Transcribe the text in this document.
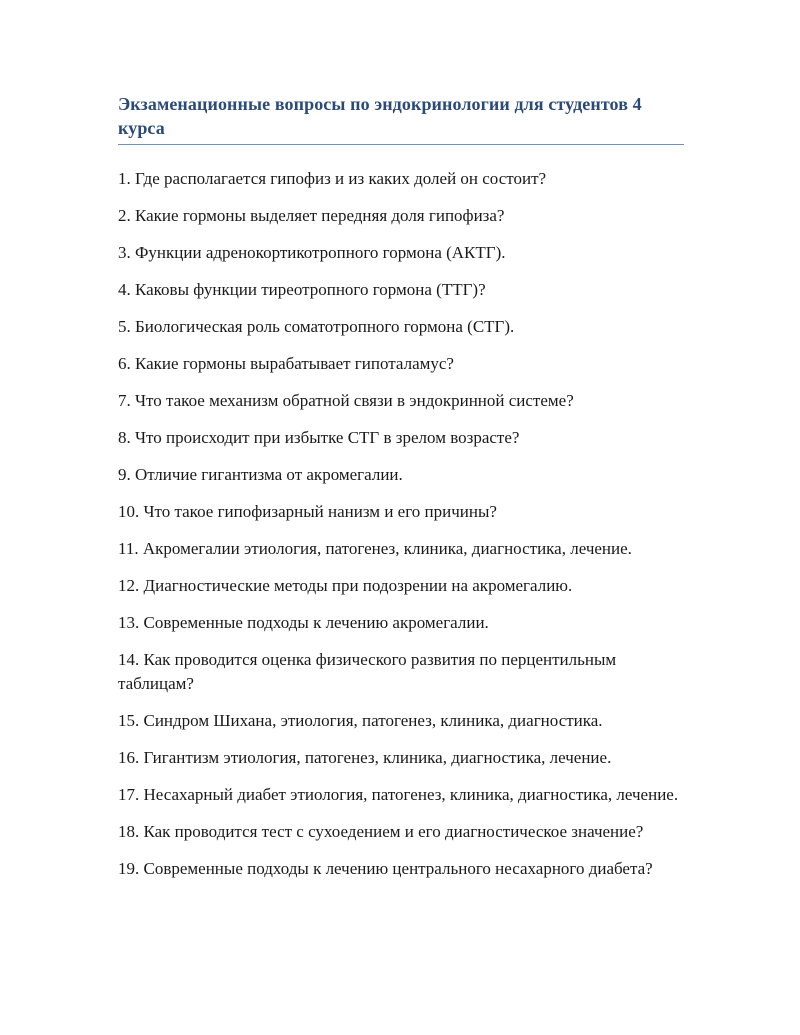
Экзаменационные вопросы по эндокринологии для студентов 4 курса
1. Где располагается гипофиз и из каких долей он состоит?
2. Какие гормоны выделяет передняя доля гипофиза?
3. Функции адренокортикотропного гормона (АКТГ).
4. Каковы функции тиреотропного гормона (ТТГ)?
5. Биологическая роль соматотропного гормона (СТГ).
6. Какие гормоны вырабатывает гипоталамус?
7. Что такое механизм обратной связи в эндокринной системе?
8. Что происходит при избытке СТГ в зрелом возрасте?
9. Отличие гигантизма от акромегалии.
10. Что такое гипофизарный нанизм и его причины?
11. Акромегалии этиология, патогенез, клиника, диагностика, лечение.
12. Диагностические методы при подозрении на акромегалию.
13. Современные подходы к лечению акромегалии.
14. Как проводится оценка физического развития по перцентильным таблицам?
15. Синдром Шихана, этиология, патогенез, клиника, диагностика.
16. Гигантизм этиология, патогенез, клиника, диагностика, лечение.
17. Несахарный диабет этиология, патогенез, клиника, диагностика, лечение.
18. Как проводится тест с сухоедением и его диагностическое значение?
19. Современные подходы к лечению центрального несахарного диабета?
